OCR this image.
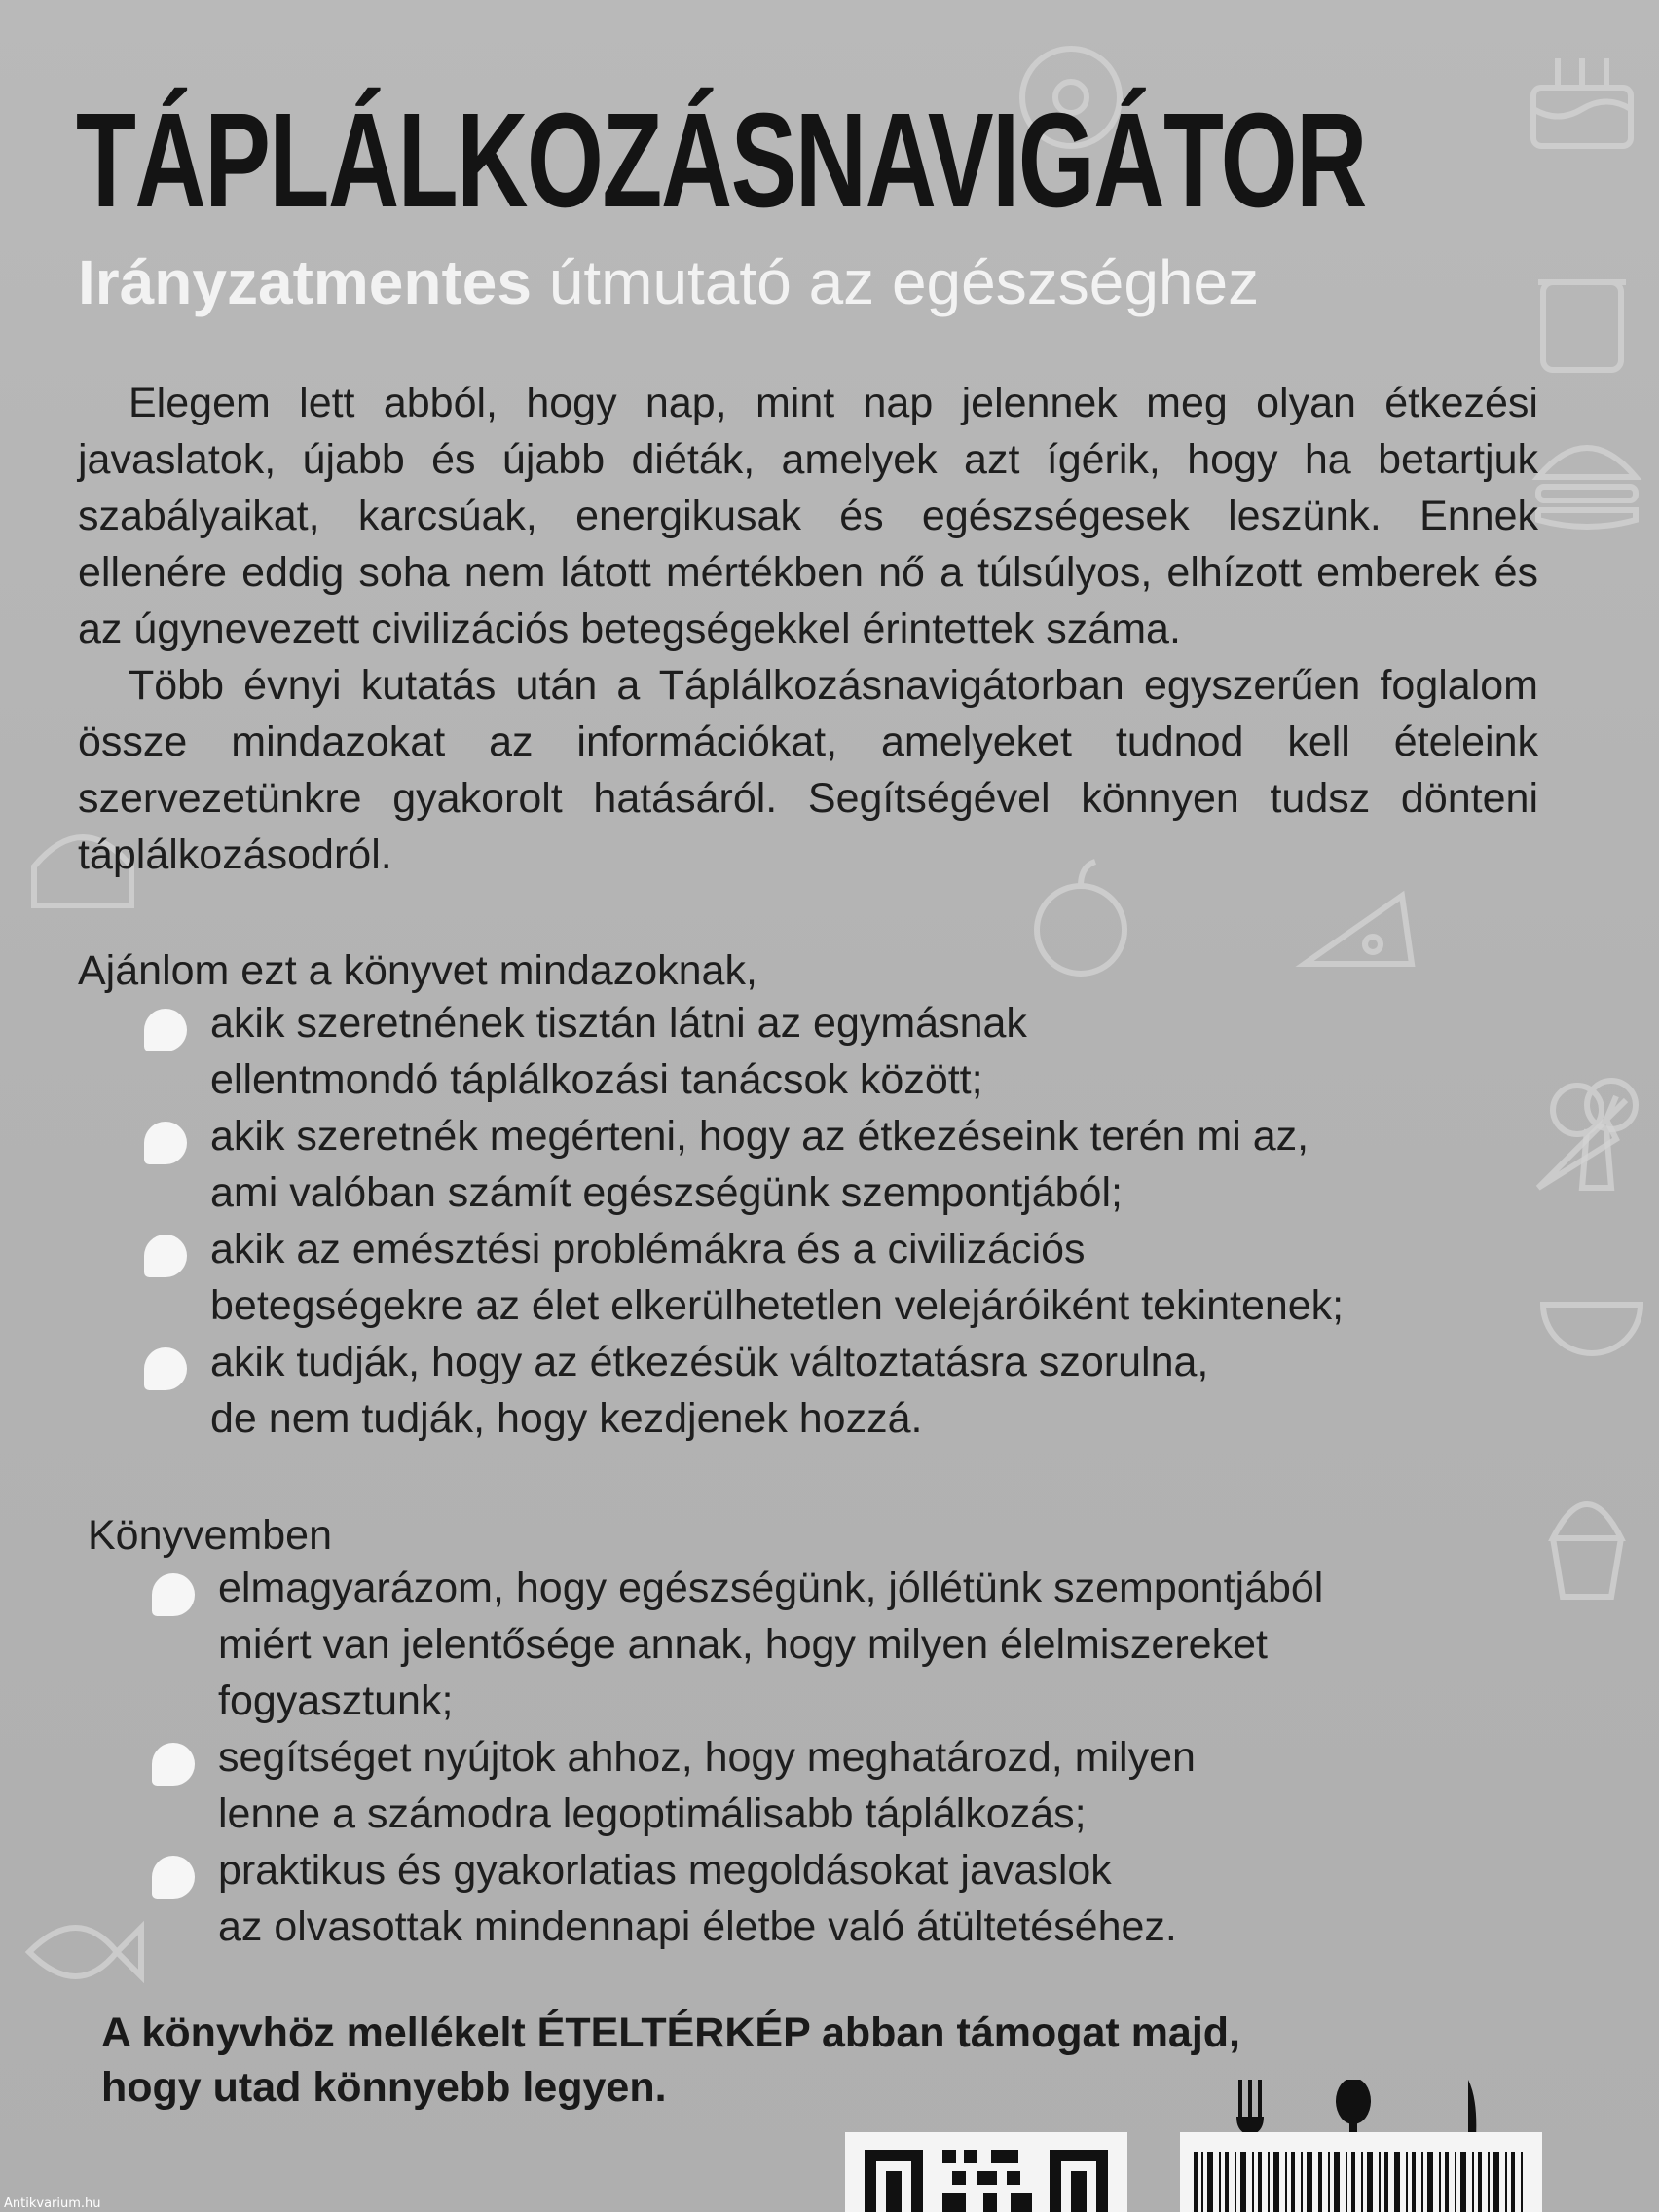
TÁPLÁLKOZÁSNAVIGÁTOR

Irányzatmentes útmutató az egészséghez

Elegem lett abból, hogy nap, mint nap jelennek meg olyan étkezési javaslatok, újabb és újabb diéták, amelyek azt ígérik, hogy ha betartjuk szabályaikat, karcsúak, energikusak és egészségesek leszünk. Ennek ellenére eddig soha nem látott mértékben nő a túlsúlyos, elhízott emberek és az úgynevezett civilizációs betegségekkel érintettek száma.

Több évnyi kutatás után a Táplálkozásnavigátorban egyszerűen foglalom össze mindazokat az információkat, amelyeket tudnod kell ételeink szervezetünkre gyakorolt hatásáról. Segítségével könnyen tudsz dönteni táplálkozásodról.

Ajánlom ezt a könyvet mindazoknak,

akik szeretnének tisztán látni az egymásnak
ellentmondó táplálkozási tanácsok között;
akik szeretnék megérteni, hogy az étkezéseink terén mi az,
ami valóban számít egészségünk szempontjából;
akik az emésztési problémákra és a civilizációs
betegségekre az élet elkerülhetetlen velejáróiként tekintenek;
akik tudják, hogy az étkezésük változtatásra szorulna,
de nem tudják, hogy kezdjenek hozzá.

Könyvemben

elmagyarázom, hogy egészségünk, jóllétünk szempontjából
miért van jelentősége annak, hogy milyen élelmiszereket
fogyasztunk;
segítséget nyújtok ahhoz, hogy meghatározd, milyen
lenne a számodra legoptimálisabb táplálkozás;
praktikus és gyakorlatias megoldásokat javaslok
az olvasottak mindennapi életbe való átültetéséhez.

A könyvhöz mellékelt ÉTELTÉRKÉP abban támogat majd,
hogy utad könnyebb legyen.

Antikvarium.hu
